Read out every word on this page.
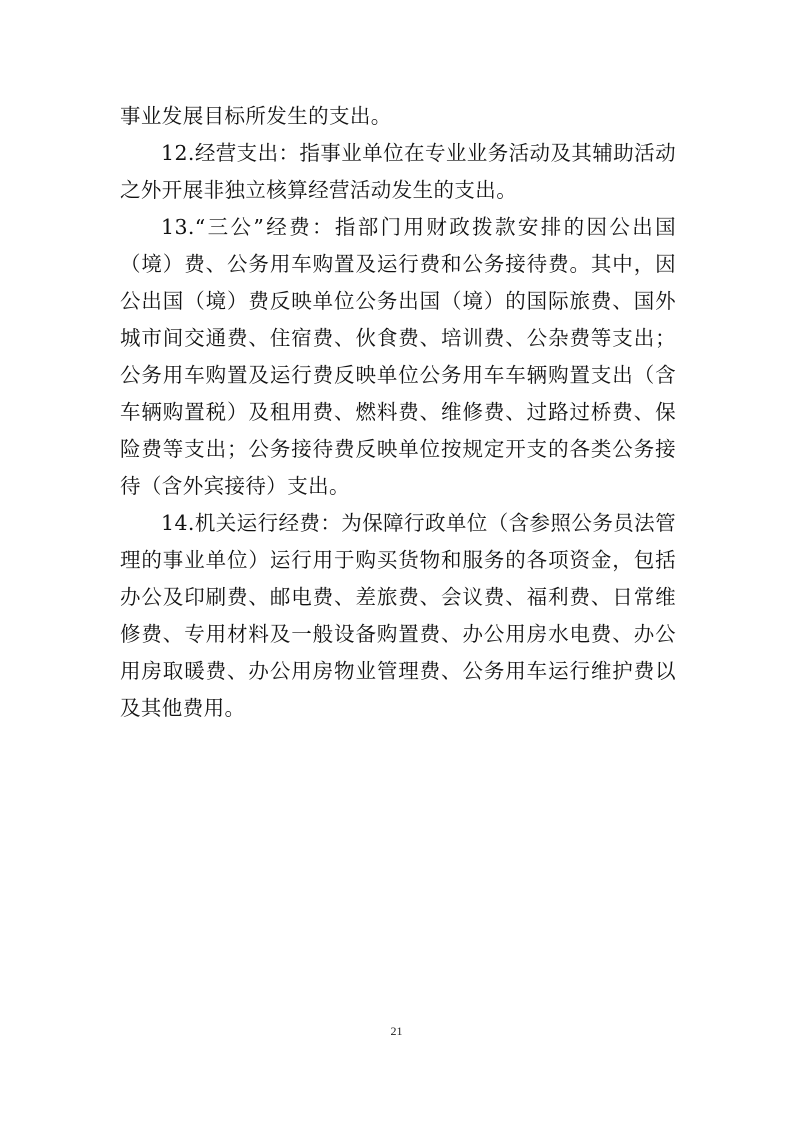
事业发展目标所发生的支出。

12.经营支出：指事业单位在专业业务活动及其辅助活动之外开展非独立核算经营活动发生的支出。

13.“三公”经费：指部门用财政拨款安排的因公出国（境）费、公务用车购置及运行费和公务接待费。其中，因公出国（境）费反映单位公务出国（境）的国际旅费、国外城市间交通费、住宿费、伙食费、培训费、公杂费等支出；公务用车购置及运行费反映单位公务用车车辆购置支出（含车辆购置税）及租用费、燃料费、维修费、过路过桥费、保险费等支出；公务接待费反映单位按规定开支的各类公务接待（含外宾接待）支出。

14.机关运行经费：为保障行政单位（含参照公务员法管理的事业单位）运行用于购买货物和服务的各项资金，包括办公及印刷费、邮电费、差旅费、会议费、福利费、日常维修费、专用材料及一般设备购置费、办公用房水电费、办公用房取暖费、办公用房物业管理费、公务用车运行维护费以及其他费用。

21
